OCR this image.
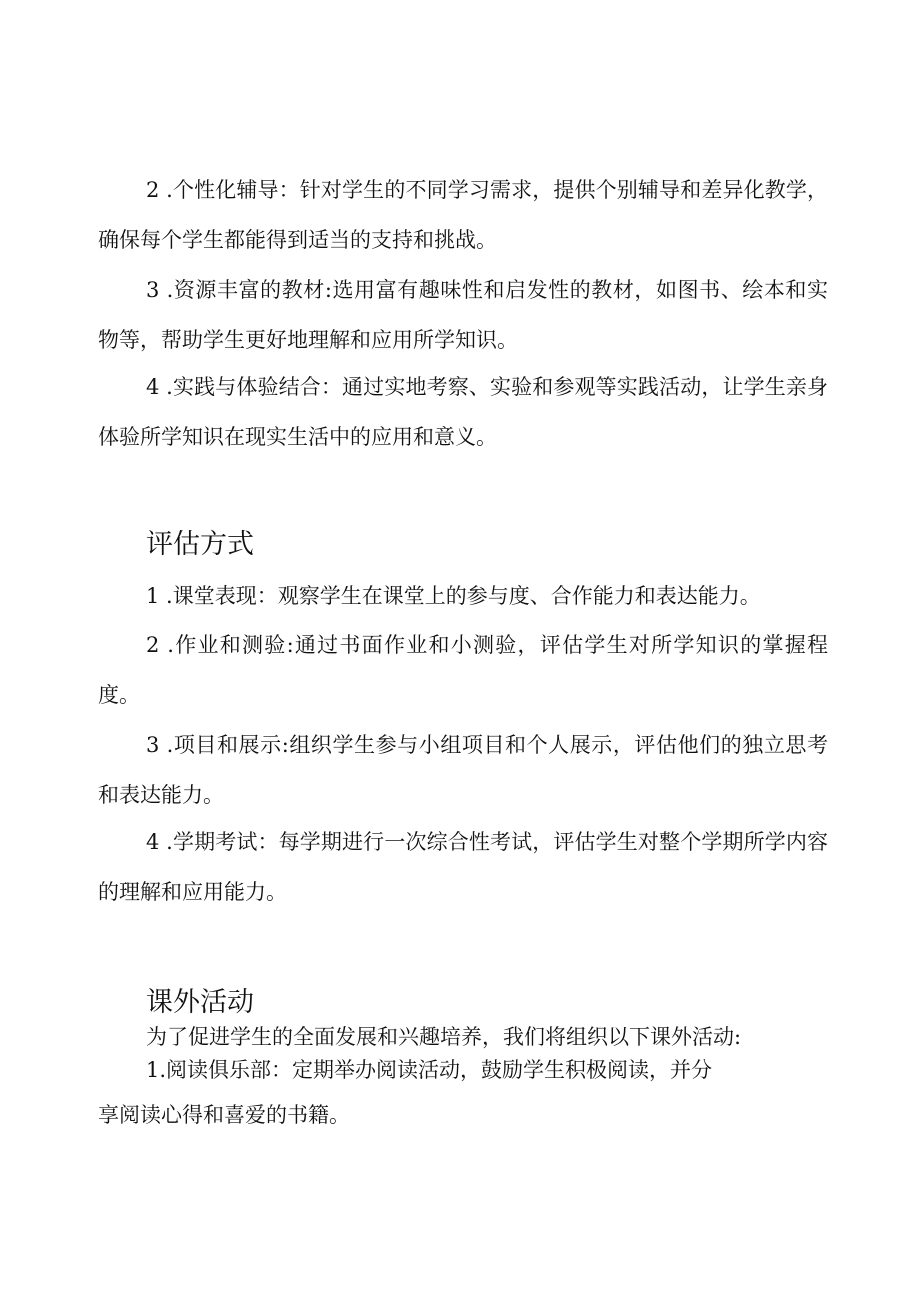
2 .个性化辅导：针对学生的不同学习需求，提供个别辅导和差异化教学，确保每个学生都能得到适当的支持和挑战。

3 .资源丰富的教材:选用富有趣味性和启发性的教材，如图书、绘本和实物等，帮助学生更好地理解和应用所学知识。

4 .实践与体验结合：通过实地考察、实验和参观等实践活动，让学生亲身体验所学知识在现实生活中的应用和意义。

评估方式

1 .课堂表现：观察学生在课堂上的参与度、合作能力和表达能力。

2 .作业和测验:通过书面作业和小测验，评估学生对所学知识的掌握程度。

3 .项目和展示:组织学生参与小组项目和个人展示，评估他们的独立思考和表达能力。

4 .学期考试：每学期进行一次综合性考试，评估学生对整个学期所学内容的理解和应用能力。

课外活动

为了促进学生的全面发展和兴趣培养，我们将组织以下课外活动:

1.阅读俱乐部：定期举办阅读活动，鼓励学生积极阅读，并分

享阅读心得和喜爱的书籍。
